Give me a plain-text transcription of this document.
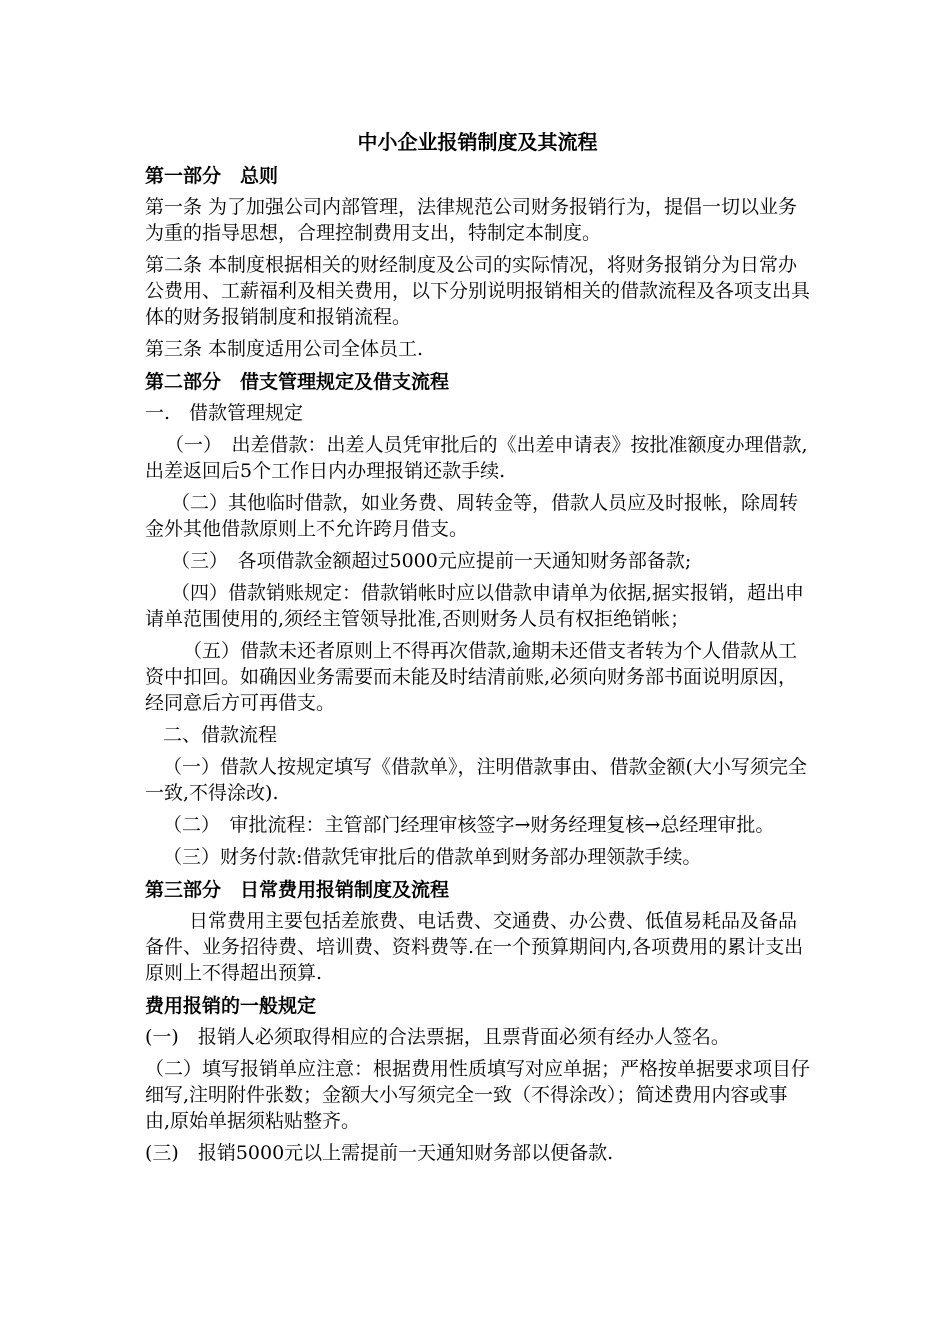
中小企业报销制度及其流程
第一部分　总则
第一条 为了加强公司内部管理，法律规范公司财务报销行为，提倡一切以业务为重的指导思想，合理控制费用支出，特制定本制度。
第二条 本制度根据相关的财经制度及公司的实际情况，将财务报销分为日常办公费用、工薪福利及相关费用，以下分别说明报销相关的借款流程及各项支出具体的财务报销制度和报销流程。
第三条 本制度适用公司全体员工.
第二部分　借支管理规定及借支流程
一.　借款管理规定
（一）　出差借款：出差人员凭审批后的《出差申请表》按批准额度办理借款,出差返回后5个工作日内办理报销还款手续.
（二）其他临时借款，如业务费、周转金等，借款人员应及时报帐，除周转金外其他借款原则上不允许跨月借支。
（三）　各项借款金额超过5000元应提前一天通知财务部备款;
（四）借款销账规定：借款销帐时应以借款申请单为依据,据实报销，超出申请单范围使用的,须经主管领导批准,否则财务人员有权拒绝销帐；
（五）借款未还者原则上不得再次借款,逾期未还借支者转为个人借款从工资中扣回。如确因业务需要而未能及时结清前账,必须向财务部书面说明原因，经同意后方可再借支。
二、借款流程
（一）借款人按规定填写《借款单》，注明借款事由、借款金额(大小写须完全一致,不得涂改).
（二）　审批流程：主管部门经理审核签字→财务经理复核→总经理审批。
（三）财务付款:借款凭审批后的借款单到财务部办理领款手续。
第三部分　日常费用报销制度及流程
日常费用主要包括差旅费、电话费、交通费、办公费、低值易耗品及备品备件、业务招待费、培训费、资料费等.在一个预算期间内,各项费用的累计支出原则上不得超出预算.
费用报销的一般规定
(一)　报销人必须取得相应的合法票据，且票背面必须有经办人签名。
（二）填写报销单应注意：根据费用性质填写对应单据；严格按单据要求项目仔细写,注明附件张数；金额大小写须完全一致（不得涂改）；简述费用内容或事由,原始单据须粘贴整齐。
(三)　报销5000元以上需提前一天通知财务部以便备款.
